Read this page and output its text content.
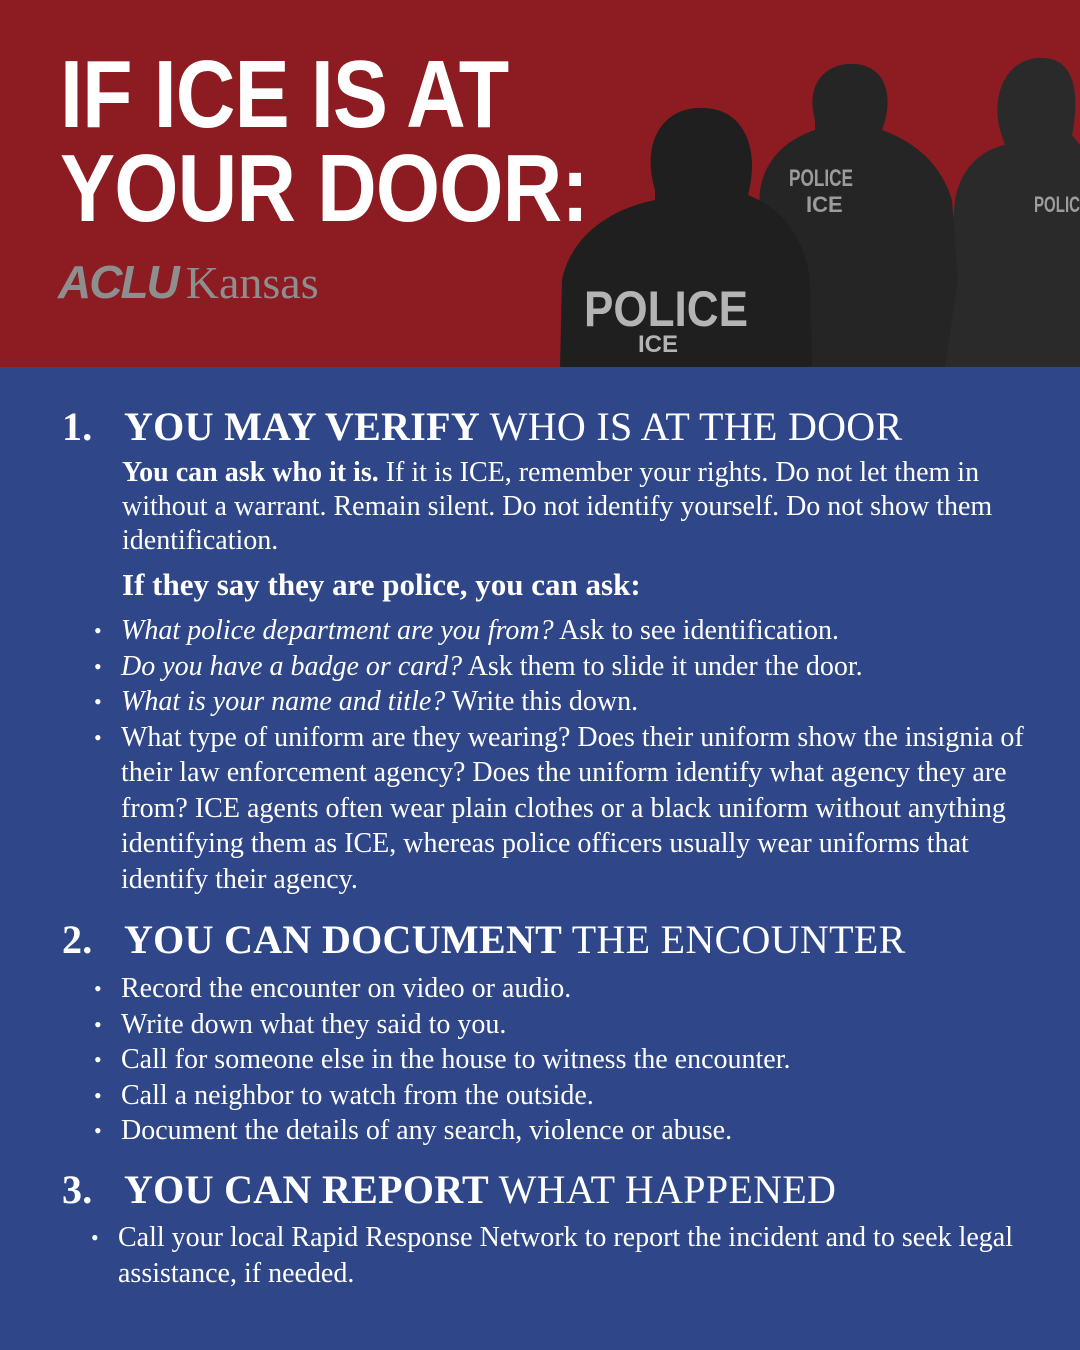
IF ICE IS AT
YOUR DOOR:
ACLU Kansas	POLICE
ICE
POLICE
ICE	POLIC
1. YOU MAY VERIFY WHO IS AT THE DOOR

You can ask who it is. If it is ICE, remember your rights. Do not let them in without a warrant. Remain silent. Do not identify yourself. Do not show them identification.

If they say they are police, you can ask:
• What police department are you from? Ask to see identification.
• Do you have a badge or card? Ask them to slide it under the door.
• What is your name and title? Write this down.
• What type of uniform are they wearing? Does their uniform show the insignia of their law enforcement agency? Does the uniform identify what agency they are from? ICE agents often wear plain clothes or a black uniform without anything identifying them as ICE, whereas police officers usually wear uniforms that identify their agency.
2. YOU CAN DOCUMENT THE ENCOUNTER
• Record the encounter on video or audio.
• Write down what they said to you.
• Call for someone else in the house to witness the encounter.
• Call a neighbor to watch from the outside.
• Document the details of any search, violence or abuse.
3. YOU CAN REPORT WHAT HAPPENED
• Call your local Rapid Response Network to report the incident and to seek legal assistance, if needed.
